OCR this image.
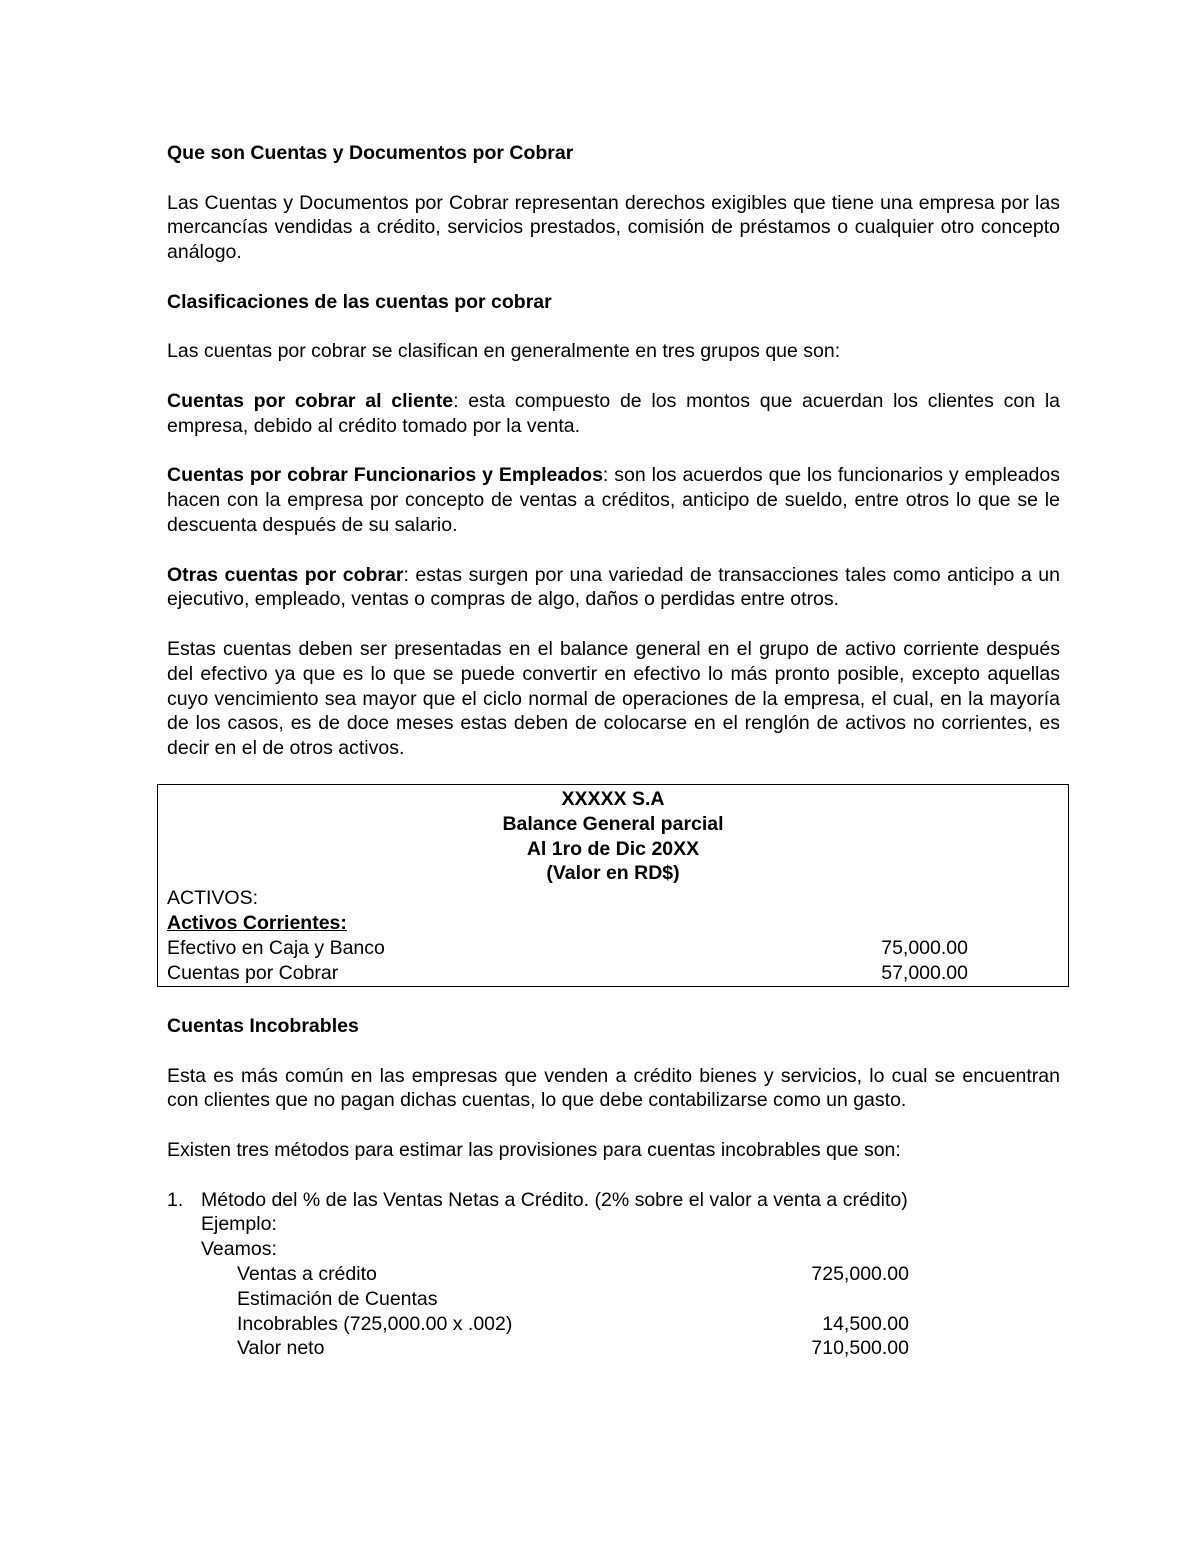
Que son Cuentas y Documentos por Cobrar

Las Cuentas y Documentos por Cobrar representan derechos exigibles que tiene una empresa por las mercancías vendidas a crédito, servicios prestados, comisión de préstamos o cualquier otro concepto análogo.

Clasificaciones de las cuentas por cobrar

Las cuentas por cobrar se clasifican en generalmente en tres grupos que son:

Cuentas por cobrar al cliente: esta compuesto de los montos que acuerdan los clientes con la empresa, debido al crédito tomado por la venta.

Cuentas por cobrar Funcionarios y Empleados: son los acuerdos que los funcionarios y empleados hacen con la empresa por concepto de ventas a créditos, anticipo de sueldo, entre otros lo que se le descuenta después de su salario.

Otras cuentas por cobrar: estas surgen por una variedad de transacciones tales como anticipo a un ejecutivo, empleado, ventas o compras de algo, daños o perdidas entre otros.

Estas cuentas deben ser presentadas en el balance general en el grupo de activo corriente después del efectivo ya que es lo que se puede convertir en efectivo lo más pronto posible, excepto aquellas cuyo vencimiento sea mayor que el ciclo normal de operaciones de la empresa, el cual, en la mayoría de los casos, es de doce meses estas deben de colocarse en el renglón de activos no corrientes, es decir en el de otros activos.

XXXXX S.A

Balance General parcial

Al 1ro de Dic 20XX

(Valor en RD$)

ACTIVOS:
Activos Corrientes:
Efectivo en Caja y Banco	75,000.00
Cuentas por Cobrar	57,000.00

Cuentas Incobrables

Esta es más común en las empresas que venden a crédito bienes y servicios, lo cual se encuentran con clientes que no pagan dichas cuentas, lo que debe contabilizarse como un gasto.

Existen tres métodos para estimar las provisiones para cuentas incobrables que son:

1. Método del % de las Ventas Netas a Crédito. (2% sobre el valor a venta a crédito)

Ejemplo:

Veamos:

Ventas a crédito	725,000.00
Estimación de Cuentas
Incobrables (725,000.00 x .002)	14,500.00
Valor neto	710,500.00
